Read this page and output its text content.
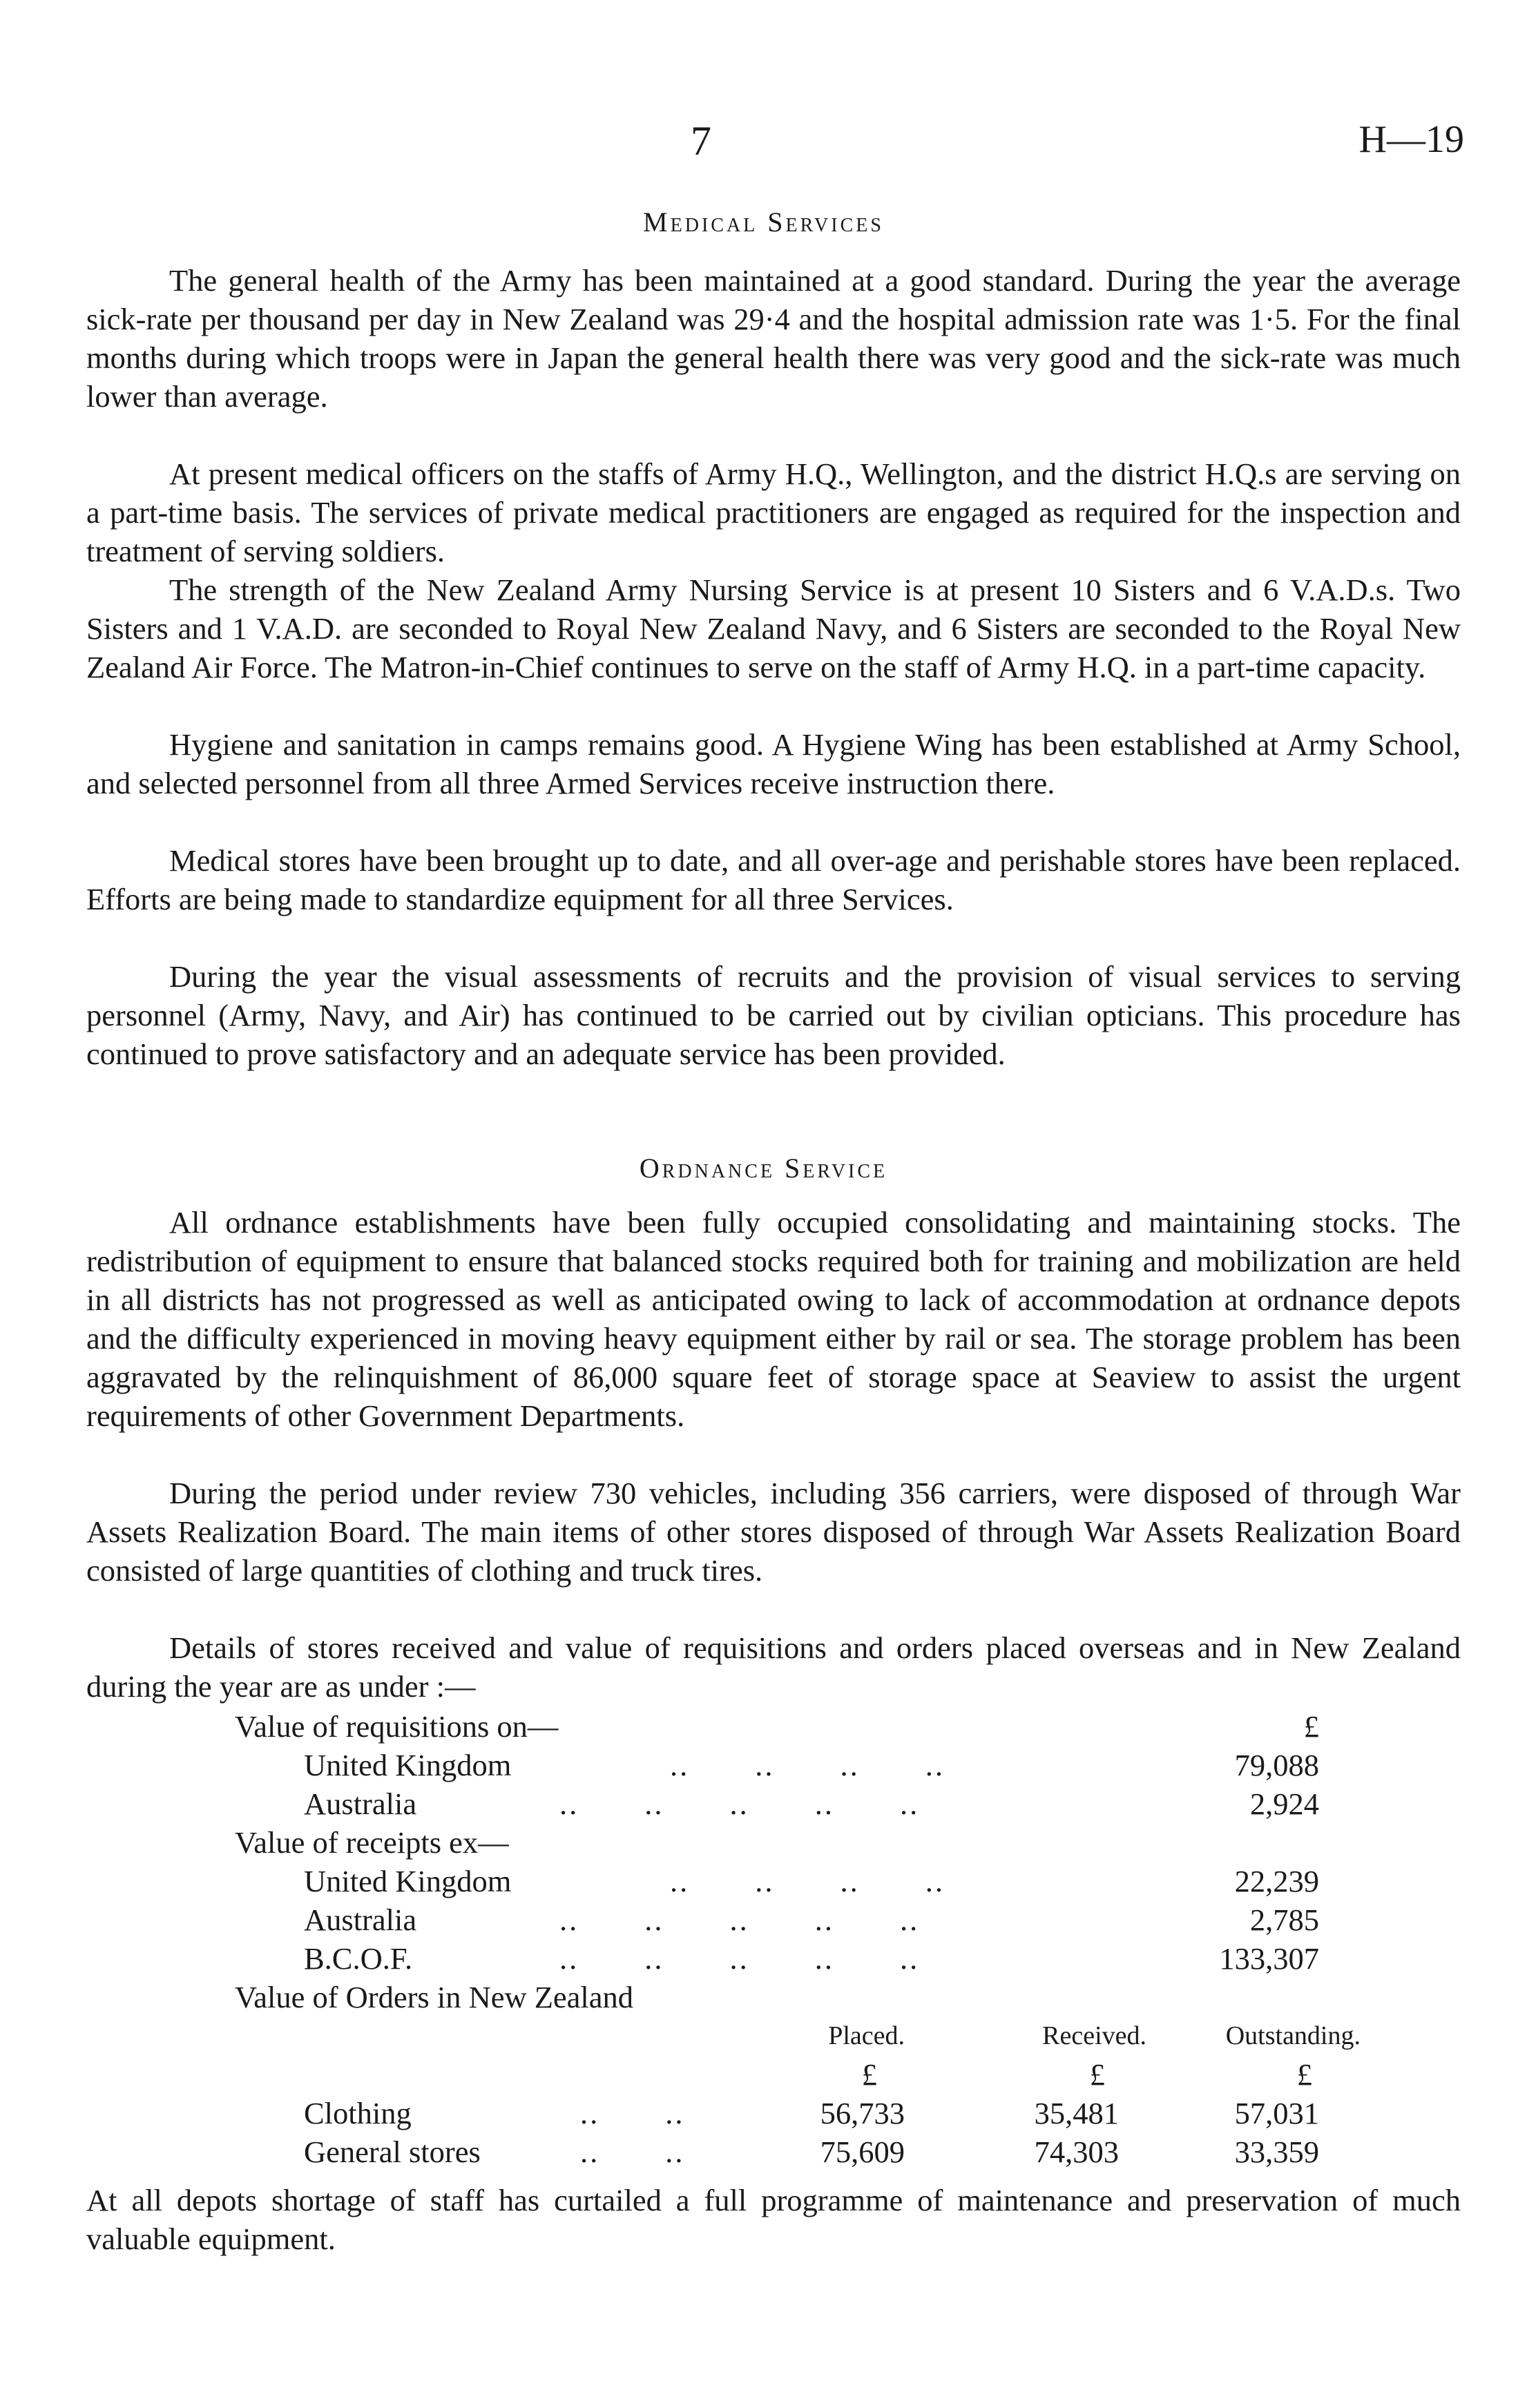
7	H—19
Medical Services

The general health of the Army has been maintained at a good standard. During the year the average sick-rate per thousand per day in New Zealand was 29·4 and the hospital admission rate was 1·5. For the final months during which troops were in Japan the general health there was very good and the sick-rate was much lower than average.

At present medical officers on the staffs of Army H.Q., Wellington, and the district H.Q.s are serving on a part-time basis. The services of private medical practitioners are engaged as required for the inspection and treatment of serving soldiers.

The strength of the New Zealand Army Nursing Service is at present 10 Sisters and 6 V.A.D.s. Two Sisters and 1 V.A.D. are seconded to Royal New Zealand Navy, and 6 Sisters are seconded to the Royal New Zealand Air Force. The Matron-in-Chief continues to serve on the staff of Army H.Q. in a part-time capacity.

Hygiene and sanitation in camps remains good. A Hygiene Wing has been established at Army School, and selected personnel from all three Armed Services receive instruction there.

Medical stores have been brought up to date, and all over-age and perishable stores have been replaced. Efforts are being made to standardize equipment for all three Services.

During the year the visual assessments of recruits and the provision of visual services to serving personnel (Army, Navy, and Air) has continued to be carried out by civilian opticians. This procedure has continued to prove satisfactory and an adequate service has been provided.

Ordnance Service

All ordnance establishments have been fully occupied consolidating and maintaining stocks. The redistribution of equipment to ensure that balanced stocks required both for training and mobilization are held in all districts has not progressed as well as anticipated owing to lack of accommodation at ordnance depots and the difficulty experienced in moving heavy equipment either by rail or sea. The storage problem has been aggravated by the relinquishment of 86,000 square feet of storage space at Seaview to assist the urgent requirements of other Government Departments.

During the period under review 730 vehicles, including 356 carriers, were disposed of through War Assets Realization Board. The main items of other stores disposed of through War Assets Realization Board consisted of large quantities of clothing and truck tires.

Details of stores received and value of requisitions and orders placed overseas and in New Zealand during the year are as under :—

Value of requisitions on—	£
United Kingdom	..  ..  ..  ..	79,088
Australia	..  ..  ..  ..  ..	2,924
Value of receipts ex—
United Kingdom	..  ..  ..  ..	22,239
Australia	..  ..  ..  ..  ..	2,785
B.C.O.F.	..  ..  ..  ..  ..	133,307
Value of Orders in New Zealand
Placed.	Received.	Outstanding.
£	£	£
Clothing	..  ..	56,733	35,481	57,031
General stores	..  ..	75,609	74,303	33,359

At all depots shortage of staff has curtailed a full programme of maintenance and preservation of much valuable equipment.
